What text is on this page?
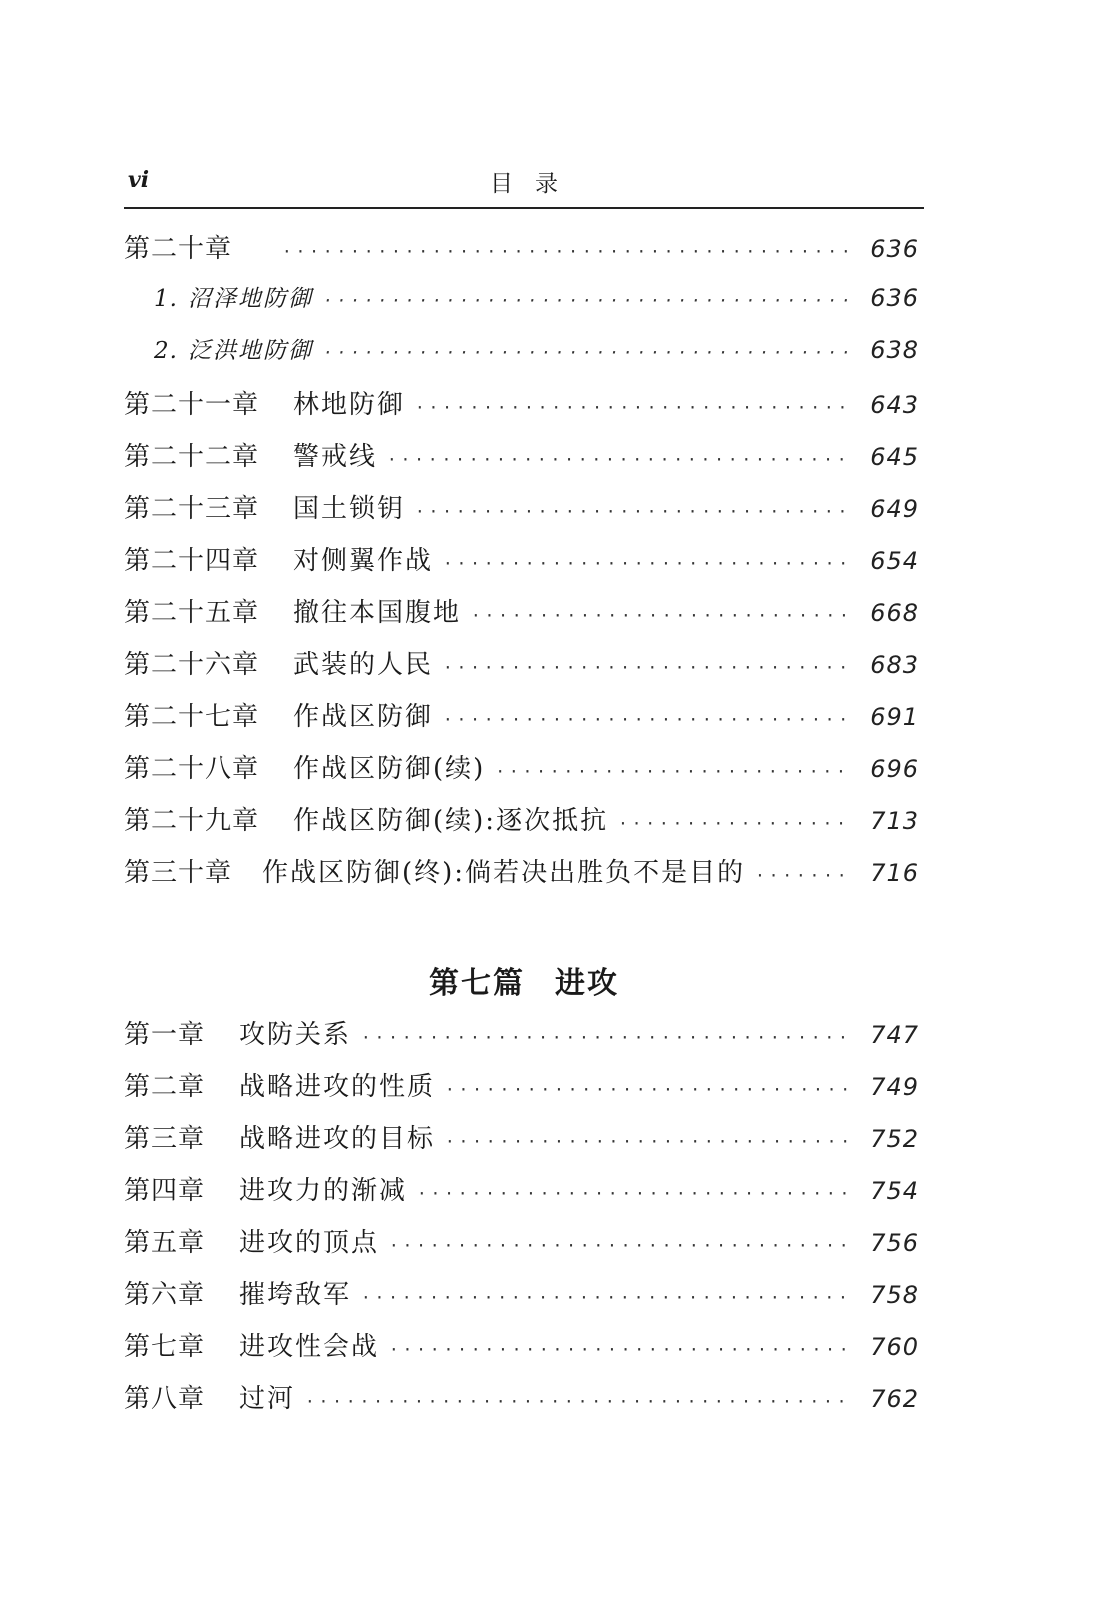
vi	目录
第二十章 ·····	636
1. 沼泽地防御 ·····	636
2. 泛洪地防御 ·····	638
第二十一章 林地防御 ·····	643
第二十二章 警戒线 ·····	645
第二十三章 国土锁钥 ·····	649
第二十四章 对侧翼作战 ·····	654
第二十五章 撤往本国腹地 ·····	668
第二十六章 武装的人民 ·····	683
第二十七章 作战区防御 ·····	691
第二十八章 作战区防御(续) ·····	696
第二十九章 作战区防御(续):逐次抵抗 ·····	713
第三十章 作战区防御(终):倘若决出胜负不是目的 ·····	716
第七篇 进攻
第一章 攻防关系 ·····	747
第二章 战略进攻的性质 ·····	749
第三章 战略进攻的目标 ·····	752
第四章 进攻力的渐减 ·····	754
第五章 进攻的顶点 ·····	756
第六章 摧垮敌军 ·····	758
第七章 进攻性会战 ·····	760
第八章 过河 ·····	762
